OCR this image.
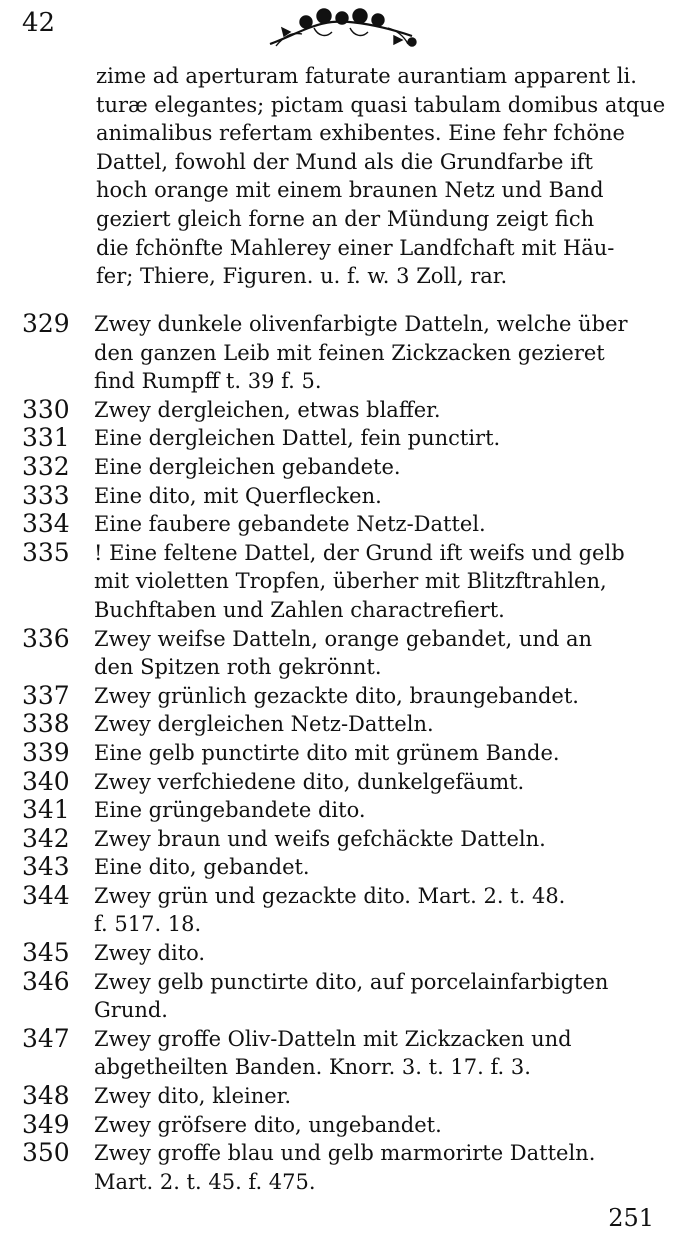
42
zime ad aperturam faturate aurantiam apparent li.
turæ elegantes; pictam quasi tabulam domibus atque
animalibus refertam exhibentes. Eine fehr fchöne
Dattel, fowohl der Mund als die Grundfarbe ift
hoch orange mit einem braunen Netz und Band
geziert gleich forne an der Mündung zeigt fich
die fchönfte Mahlerey einer Landfchaft mit Häu-
fer; Thiere, Figuren. u. f. w. 3 Zoll, rar.
329	Zwey dunkele olivenfarbigte Datteln, welche über
den ganzen Leib mit feinen Zickzacken gezieret
find Rumpff t. 39 f. 5.
330	Zwey dergleichen, etwas blaffer.
331	Eine dergleichen Dattel, fein punctirt.
332	Eine dergleichen gebandete.
333	Eine dito, mit Querflecken.
334	Eine faubere gebandete Netz-Dattel.
335	! Eine feltene Dattel, der Grund ift weifs und gelb
mit violetten Tropfen, überher mit Blitzftrahlen,
Buchftaben und Zahlen charactrefiert.
336	Zwey weifse Datteln, orange gebandet, und an
den Spitzen roth gekrönnt.
337	Zwey grünlich gezackte dito, braungebandet.
338	Zwey dergleichen Netz-Datteln.
339	Eine gelb punctirte dito mit grünem Bande.
340	Zwey verfchiedene dito, dunkelgefäumt.
341	Eine grüngebandete dito.
342	Zwey braun und weifs gefchäckte Datteln.
343	Eine dito, gebandet.
344	Zwey grün und gezackte dito. Mart. 2. t. 48.
f. 517. 18.
345	Zwey dito.
346	Zwey gelb punctirte dito, auf porcelainfarbigten
Grund.
347	Zwey groffe Oliv-Datteln mit Zickzacken und
abgetheilten Banden. Knorr. 3. t. 17. f. 3.
348	Zwey dito, kleiner.
349	Zwey gröfsere dito, ungebandet.
350	Zwey groffe blau und gelb marmorirte Datteln.
Mart. 2. t. 45. f. 475.
251
